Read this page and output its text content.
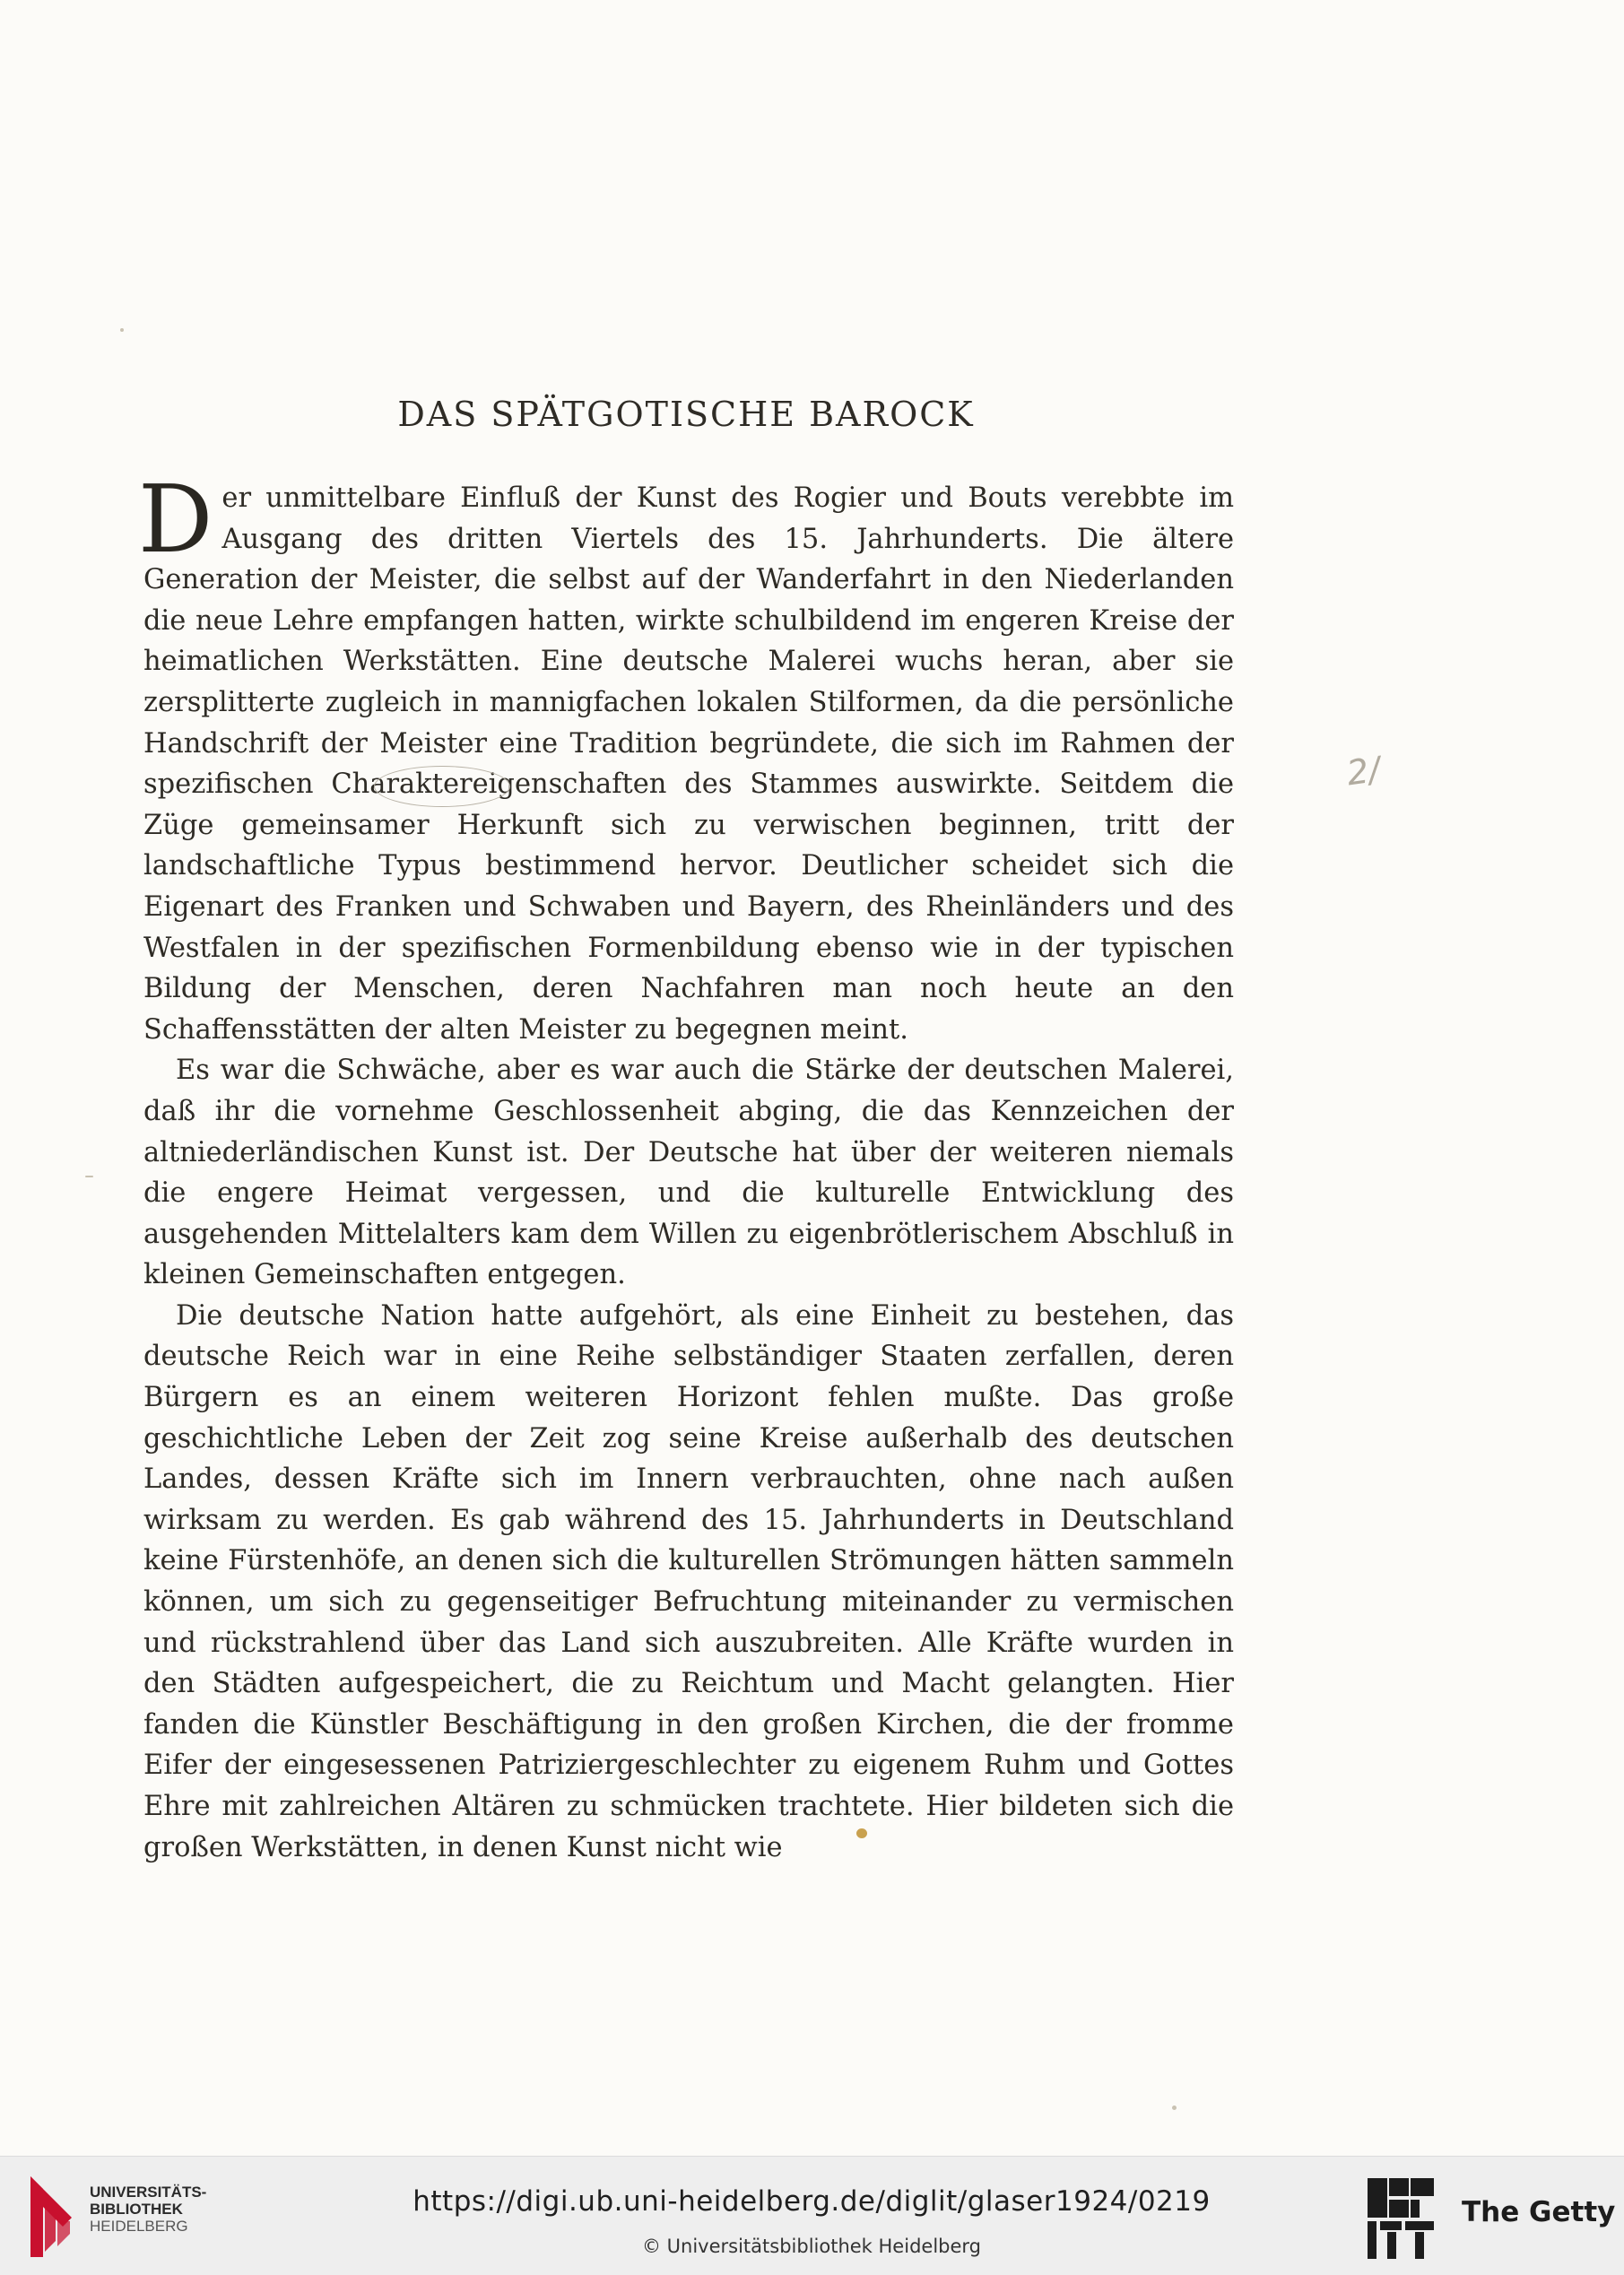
DAS SPÄTGOTISCHE BAROCK

Der unmittelbare Einfluß der Kunst des Rogier und Bouts verebbte im Ausgang des dritten Viertels des 15. Jahrhunderts. Die ältere Generation der Meister, die selbst auf der Wanderfahrt in den Niederlanden die neue Lehre empfangen hatten, wirkte schulbildend im engeren Kreise der heimatlichen Werkstätten. Eine deutsche Malerei wuchs heran, aber sie zersplitterte zugleich in mannigfachen lokalen Stilformen, da die persönliche Handschrift der Meister eine Tradition begründete, die sich im Rahmen der spezifischen Charaktereigenschaften des Stammes auswirkte. Seitdem die Züge gemeinsamer Herkunft sich zu verwischen beginnen, tritt der landschaftliche Typus bestimmend hervor. Deutlicher scheidet sich die Eigenart des Franken und Schwaben und Bayern, des Rheinländers und des Westfalen in der spezifischen Formenbildung ebenso wie in der typischen Bildung der Menschen, deren Nachfahren man noch heute an den Schaffensstätten der alten Meister zu begegnen meint.

Es war die Schwäche, aber es war auch die Stärke der deutschen Malerei, daß ihr die vornehme Geschlossenheit abging, die das Kennzeichen der altniederländischen Kunst ist. Der Deutsche hat über der weiteren niemals die engere Heimat vergessen, und die kulturelle Entwicklung des ausgehenden Mittelalters kam dem Willen zu eigenbrötlerischem Abschluß in kleinen Gemeinschaften entgegen.

Die deutsche Nation hatte aufgehört, als eine Einheit zu bestehen, das deutsche Reich war in eine Reihe selbständiger Staaten zerfallen, deren Bürgern es an einem weiteren Horizont fehlen mußte. Das große geschichtliche Leben der Zeit zog seine Kreise außerhalb des deutschen Landes, dessen Kräfte sich im Innern verbrauchten, ohne nach außen wirksam zu werden. Es gab während des 15. Jahrhunderts in Deutschland keine Fürstenhöfe, an denen sich die kulturellen Strömungen hätten sammeln können, um sich zu gegenseitiger Befruchtung miteinander zu vermischen und rückstrahlend über das Land sich auszubreiten. Alle Kräfte wurden in den Städten aufgespeichert, die zu Reichtum und Macht gelangten. Hier fanden die Künstler Beschäftigung in den großen Kirchen, die der fromme Eifer der eingesessenen Patriziergeschlechter zu eigenem Ruhm und Gottes Ehre mit zahlreichen Altären zu schmücken trachtete. Hier bildeten sich die großen Werkstätten, in denen Kunst nicht wie

2/
UNIVERSITÄTS-
BIBLIOTHEK
HEIDELBERG
https://digi.ub.uni-heidelberg.de/diglit/glaser1924/0219
© Universitätsbibliothek Heidelberg
The Getty
